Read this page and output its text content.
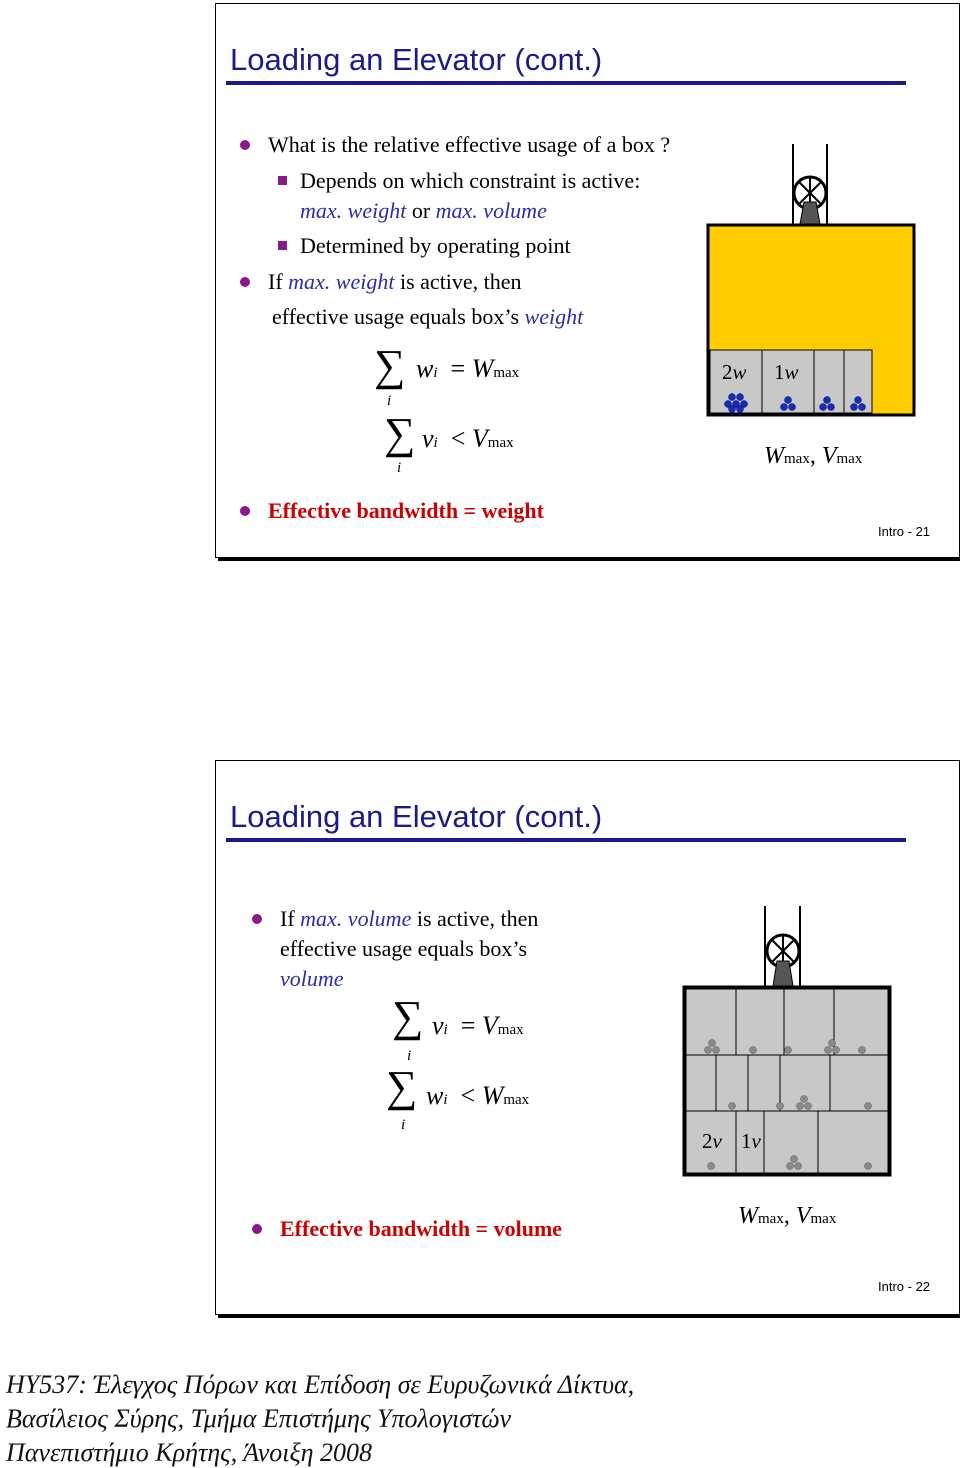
Loading an Elevator (cont.)
What is the relative effective usage of a box ?
Depends on which constraint is active:
max. weight or max. volume
Determined by operating point
If max. weight is active, then
effective usage equals box’s weight
∑ wi = Wmax
i
∑ vi < Vmax
i
Effective bandwidth = weight
2w 1w
Wmax, Vmax
Intro - 21
Loading an Elevator (cont.)
If max. volume is active, then
effective usage equals box’s
volume
∑ vi = Vmax
i
∑ wi < Wmax
i
Effective bandwidth = volume
2v 1v
Wmax, Vmax
Intro - 22
ΗΥ537: Έλεγχος Πόρων και Επίδοση σε Ευρυζωνικά Δίκτυα,
Βασίλειος Σύρης, Τμήμα Επιστήμης Υπολογιστών
Πανεπιστήμιο Κρήτης, Άνοιξη 2008
